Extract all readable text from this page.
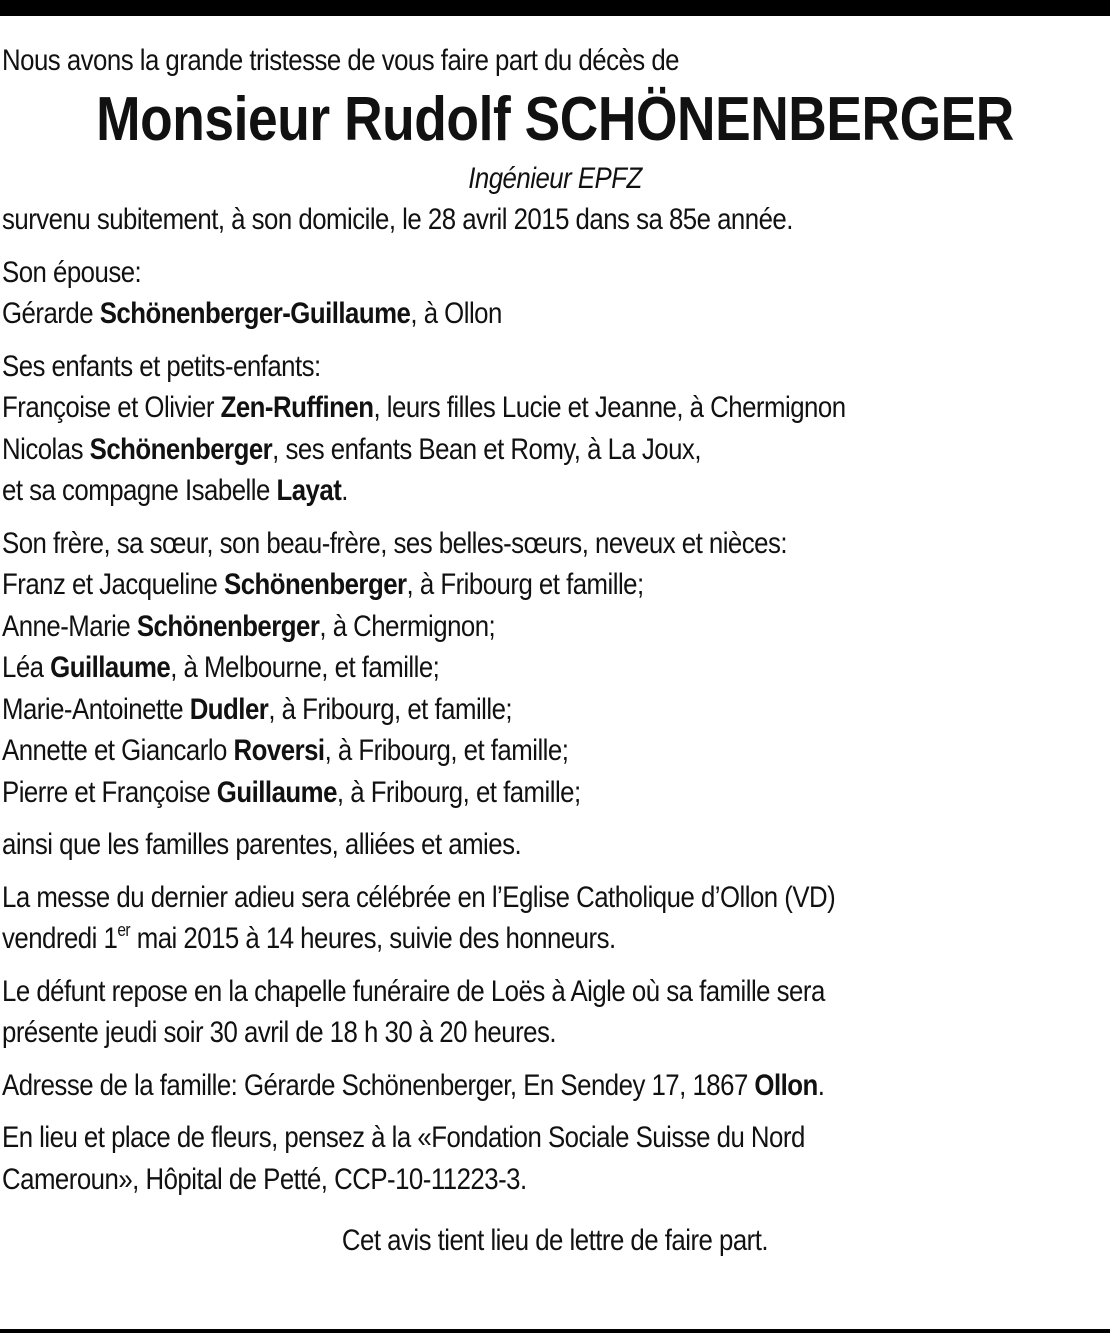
Nous avons la grande tristesse de vous faire part du décès de
Monsieur Rudolf SCHÖNENBERGER
Ingénieur EPFZ
survenu subitement, à son domicile, le 28 avril 2015 dans sa 85e année.
Son épouse:
Gérarde Schönenberger-Guillaume, à Ollon
Ses enfants et petits-enfants:
Françoise et Olivier Zen-Ruffinen, leurs filles Lucie et Jeanne, à Chermignon
Nicolas Schönenberger, ses enfants Bean et Romy, à La Joux,
et sa compagne Isabelle Layat.
Son frère, sa sœur, son beau-frère, ses belles-sœurs, neveux et nièces:
Franz et Jacqueline Schönenberger, à Fribourg et famille;
Anne-Marie Schönenberger, à Chermignon;
Léa Guillaume, à Melbourne, et famille;
Marie-Antoinette Dudler, à Fribourg, et famille;
Annette et Giancarlo Roversi, à Fribourg, et famille;
Pierre et Françoise Guillaume, à Fribourg, et famille;
ainsi que les familles parentes, alliées et amies.
La messe du dernier adieu sera célébrée en l’Eglise Catholique d’Ollon (VD)
vendredi 1er mai 2015 à 14 heures, suivie des honneurs.
Le défunt repose en la chapelle funéraire de Loës à Aigle où sa famille sera
présente jeudi soir 30 avril de 18 h 30 à 20 heures.
Adresse de la famille: Gérarde Schönenberger, En Sendey 17, 1867 Ollon.
En lieu et place de fleurs, pensez à la «Fondation Sociale Suisse du Nord
Cameroun», Hôpital de Petté, CCP-10-11223-3.
Cet avis tient lieu de lettre de faire part.
